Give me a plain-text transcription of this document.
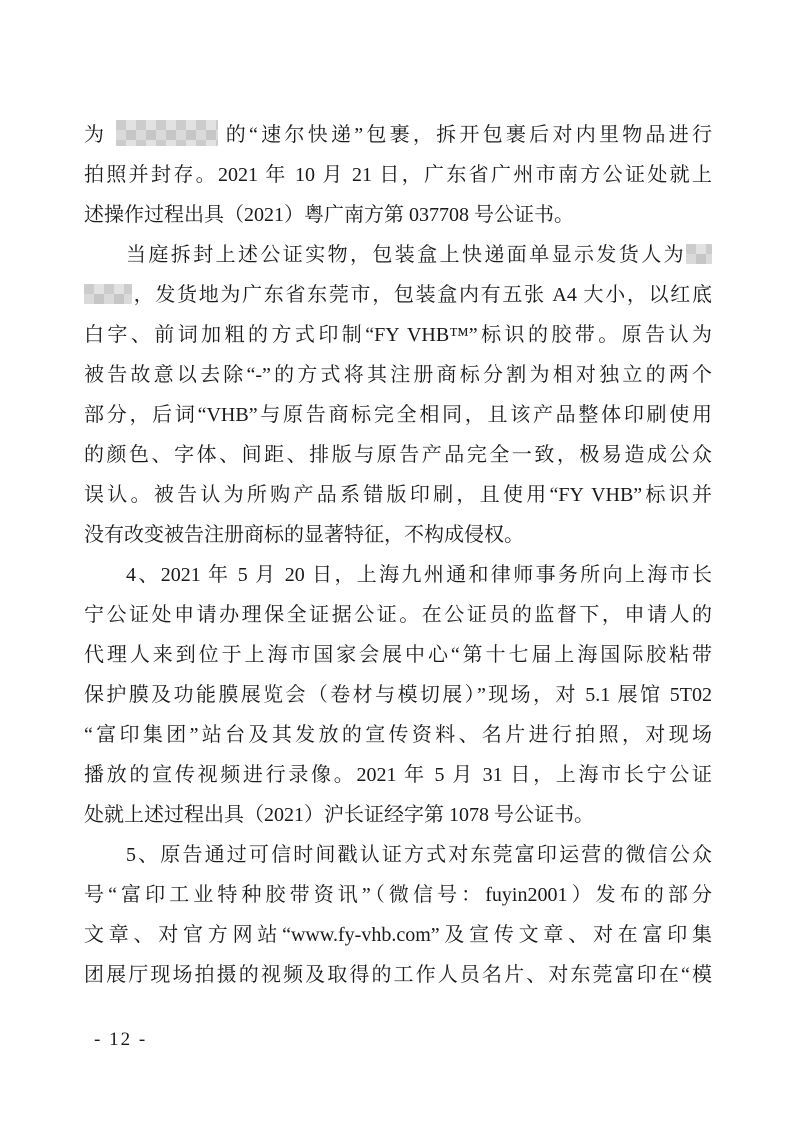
为	的“速尔快递”包裹，拆开包裹后对内里物品进行
拍照并封存。2021 年 10 月 21 日，广东省广州市南方公证处就上
述操作过程出具（2021）粤广南方第 037708 号公证书。
当庭拆封上述公证实物，包装盒上快递面单显示发货人为
，发货地为广东省东莞市，包装盒内有五张 A4 大小，以红底
白字、前词加粗的方式印制“FY VHB™”标识的胶带。原告认为
被告故意以去除“-”的方式将其注册商标分割为相对独立的两个
部分，后词“VHB”与原告商标完全相同，且该产品整体印刷使用
的颜色、字体、间距、排版与原告产品完全一致，极易造成公众
误认。被告认为所购产品系错版印刷，且使用“FY VHB”标识并
没有改变被告注册商标的显著特征，不构成侵权。
4、2021 年 5 月 20 日，上海九州通和律师事务所向上海市长
宁公证处申请办理保全证据公证。在公证员的监督下，申请人的
代理人来到位于上海市国家会展中心“第十七届上海国际胶粘带
保护膜及功能膜展览会（卷材与模切展）”现场，对 5.1 展馆 5T02
“富印集团”站台及其发放的宣传资料、名片进行拍照，对现场
播放的宣传视频进行录像。2021 年 5 月 31 日，上海市长宁公证
处就上述过程出具（2021）沪长证经字第 1078 号公证书。
5、原告通过可信时间戳认证方式对东莞富印运营的微信公众
号“富印工业特种胶带资讯”（微信号：fuyin2001）发布的部分
文章、对官方网站“www.fy-vhb.com”及宣传文章、对在富印集
团展厅现场拍摄的视频及取得的工作人员名片、对东莞富印在“模
- 12 -
